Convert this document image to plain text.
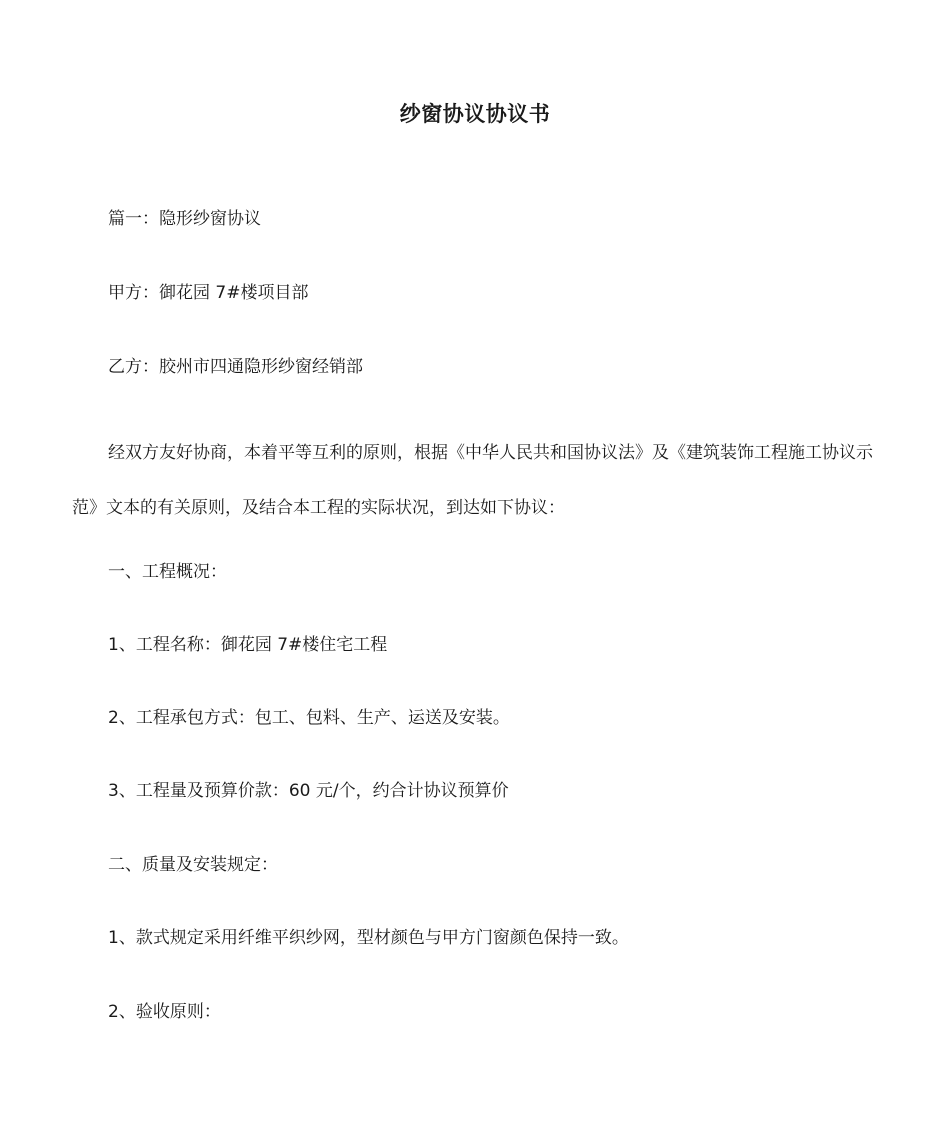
纱窗协议协议书
篇一：隐形纱窗协议
甲方：御花园 7#楼项目部
乙方：胶州市四通隐形纱窗经销部

经双方友好协商，本着平等互利的原则，根据《中华人民共和国协议法》及《建筑装饰工程施工协议示范》文本的有关原则，及结合本工程的实际状况，到达如下协议：

一、工程概况：
1、工程名称：御花园 7#楼住宅工程
2、工程承包方式：包工、包料、生产、运送及安装。
3、工程量及预算价款：60 元/个，约合计协议预算价
二、质量及安装规定：
1、款式规定采用纤维平织纱网，型材颜色与甲方门窗颜色保持一致。
2、验收原则：
